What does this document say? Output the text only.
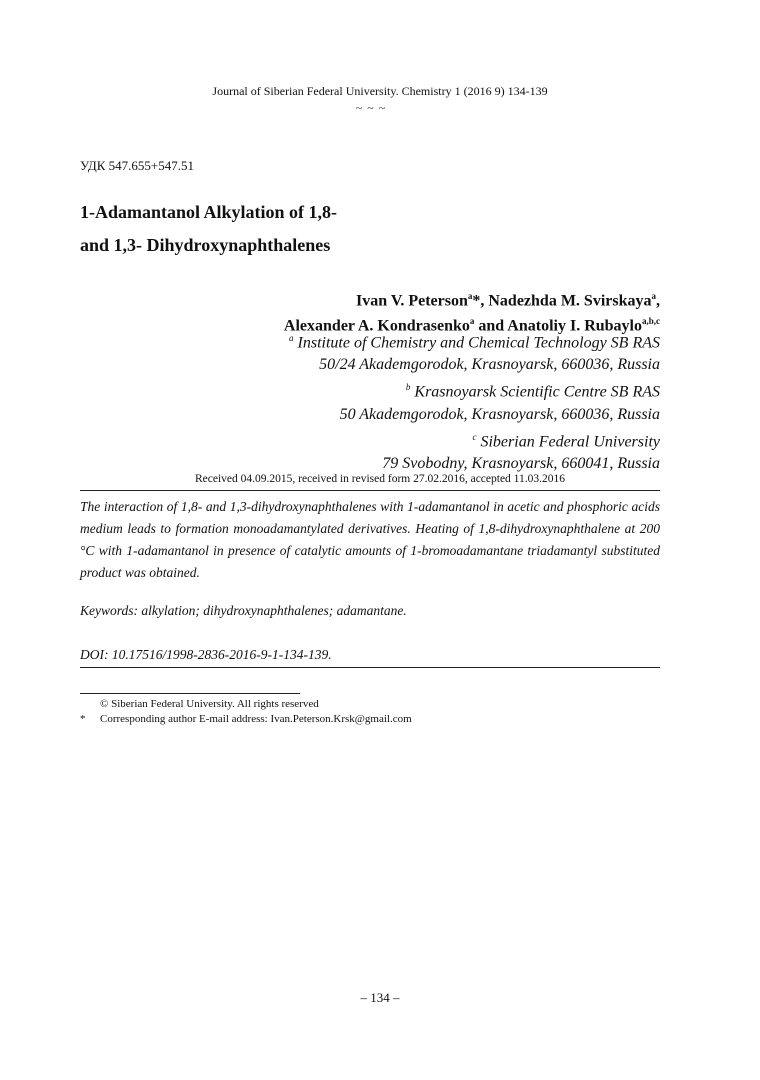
Journal of Siberian Federal University. Chemistry 1 (2016 9) 134-139
~ ~ ~
УДК 547.655+547.51
1-Adamantanol Alkylation of 1,8-
and 1,3- Dihydroxynaphthalenes
Ivan V. Peterson$^a$*, Nadezhda M. Svirskaya$^a$,
Alexander A. Kondrasenko$^a$ and Anatoliy I. Rubaylo$^{a,b,c}$
$^a$ Institute of Chemistry and Chemical Technology SB RAS
50/24 Akademgorodok, Krasnoyarsk, 660036, Russia
$^b$ Krasnoyarsk Scientific Centre SB RAS
50 Akademgorodok, Krasnoyarsk, 660036, Russia
$^c$ Siberian Federal University
79 Svobodny, Krasnoyarsk, 660041, Russia
Received 04.09.2015, received in revised form 27.02.2016, accepted 11.03.2016
The interaction of 1,8- and 1,3-dihydroxynaphthalenes with 1-adamantanol in acetic and phosphoric acids medium leads to formation monoadamantylated derivatives. Heating of 1,8-dihydroxynaphthalene at 200 °C with 1-adamantanol in presence of catalytic amounts of 1-bromoadamantane triadamantyl substituted product was obtained.
Keywords: alkylation; dihydroxynaphthalenes; adamantane.
DOI: 10.17516/1998-2836-2016-9-1-134-139.
© Siberian Federal University. All rights reserved
* Corresponding author E-mail address: Ivan.Peterson.Krsk@gmail.com
– 134 –
